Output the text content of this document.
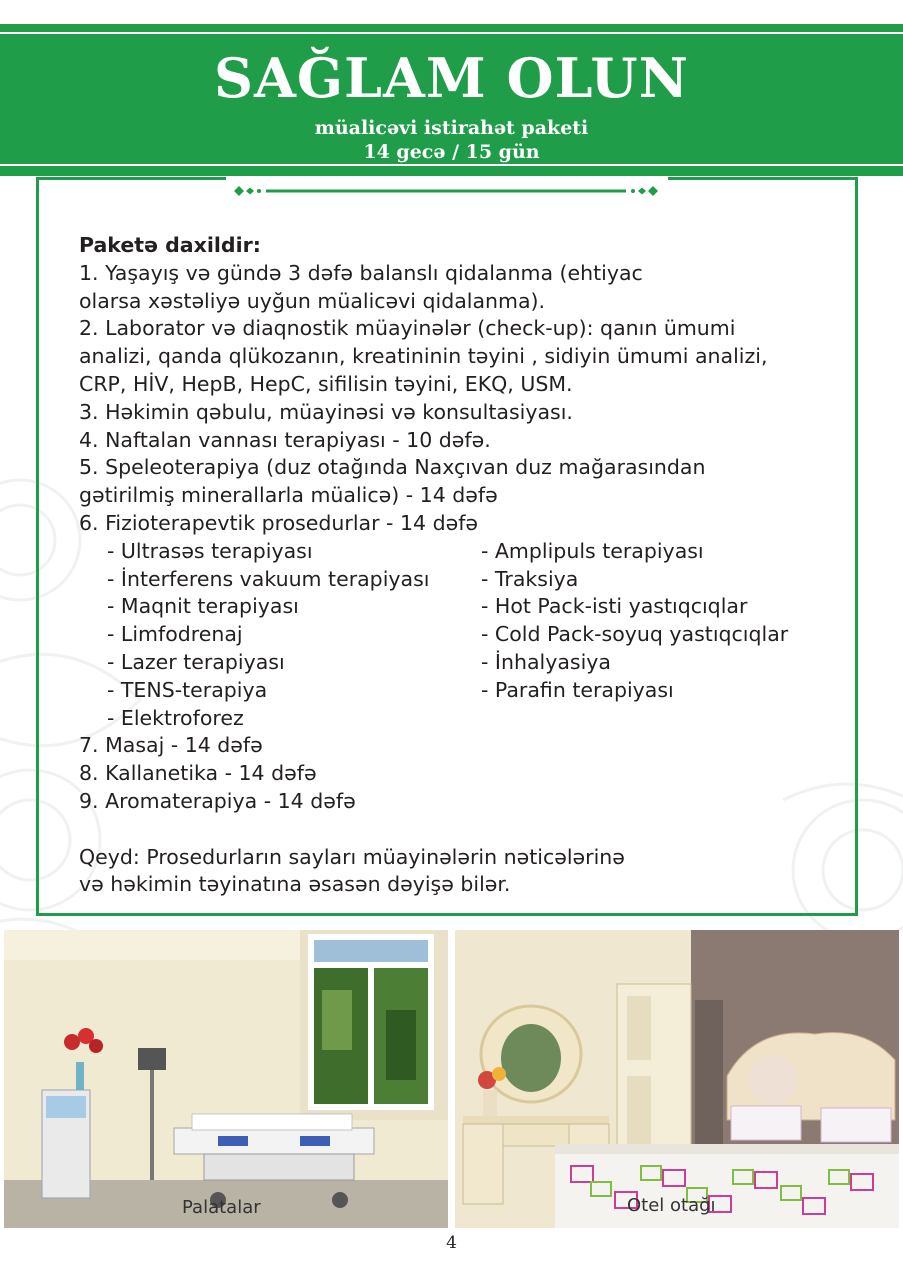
SAĞLAM OLUN
müalicəvi istirahət paketi
14 gecə / 15 gün

Paketə daxildir:

1. Yaşayış və gündə 3 dəfə balanslı qidalanma (ehtiyac

olarsa xəstəliyə uyğun müalicəvi qidalanma).

2. Laborator və diaqnostik müayinələr (check-up): qanın ümumi

analizi, qanda qlükozanın, kreatininin təyini , sidiyin ümumi analizi,

CRP, HİV, HepB, HepC, sifilisin təyini, EKQ, USM.

3. Həkimin qəbulu, müayinəsi və konsultasiyası.

4. Naftalan vannası terapiyası - 10 dəfə.

5. Speleoterapiya (duz otağında Naxçıvan duz mağarasından

gətirilmiş minerallarla müalicə) - 14 dəfə

6. Fizioterapevtik prosedurlar - 14 dəfə

- Ultrasəs terapiyası

- İnterferens vakuum terapiyası

- Maqnit terapiyası

- Limfodrenaj

- Lazer terapiyası

- TENS-terapiya

- Amplipuls terapiyası

- Traksiya

- Hot Pack-isti yastıqcıqlar

- Cold Pack-soyuq yastıqcıqlar

- İnhalyasiya

- Parafin terapiyası

- Elektroforez

7. Masaj - 14 dəfə

8. Kallanetika - 14 dəfə

9. Aromaterapiya - 14 dəfə

Qeyd: Prosedurların sayları müayinələrin nəticələrinə

və həkimin təyinatına əsasən dəyişə bilər.

Palatalar	Otel otağı
4
